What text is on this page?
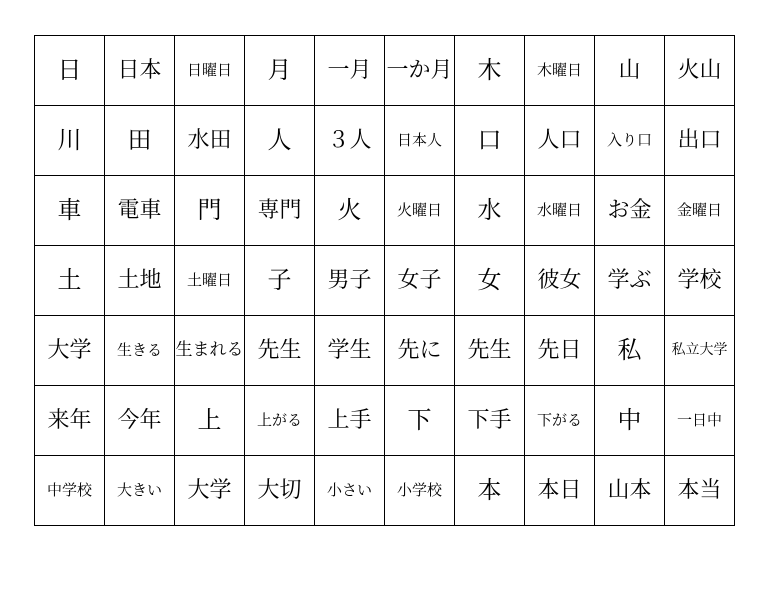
日	日本	日曜日	月	一月	一か月	木	木曜日	山	火山
川	田	水田	人	３人	日本人	口	人口	入り口	出口
車	電車	門	専門	火	火曜日	水	水曜日	お金	金曜日
土	土地	土曜日	子	男子	女子	女	彼女	学ぶ	学校
大学	生きる	生まれる	先生	学生	先に	先生	先日	私	私立大学
来年	今年	上	上がる	上手	下	下手	下がる	中	一日中
中学校	大きい	大学	大切	小さい	小学校	本	本日	山本	本当
